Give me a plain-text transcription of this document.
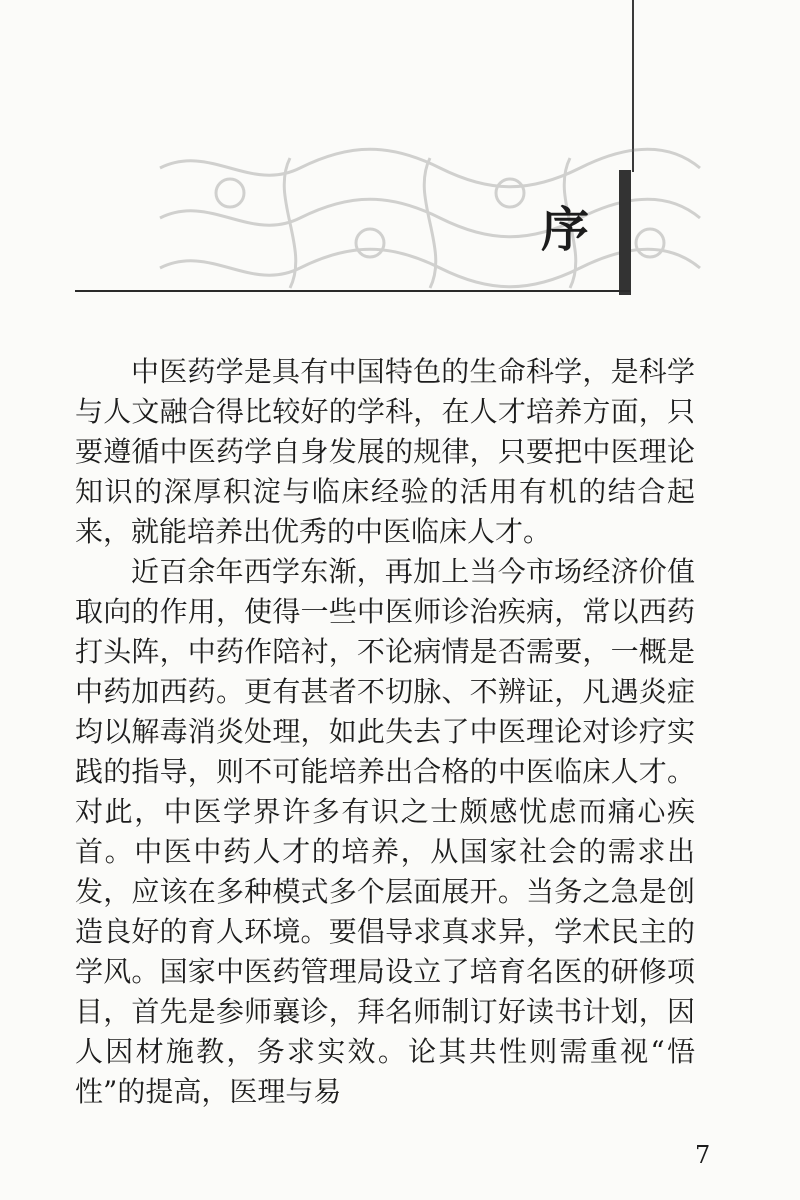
序

中医药学是具有中国特色的生命科学，是科学与人文融合得比较好的学科，在人才培养方面，只要遵循中医药学自身发展的规律，只要把中医理论知识的深厚积淀与临床经验的活用有机的结合起来，就能培养出优秀的中医临床人才。

近百余年西学东渐，再加上当今市场经济价值取向的作用，使得一些中医师诊治疾病，常以西药打头阵，中药作陪衬，不论病情是否需要，一概是中药加西药。更有甚者不切脉、不辨证，凡遇炎症均以解毒消炎处理，如此失去了中医理论对诊疗实践的指导，则不可能培养出合格的中医临床人才。对此，中医学界许多有识之士颇感忧虑而痛心疾首。中医中药人才的培养，从国家社会的需求出发，应该在多种模式多个层面展开。当务之急是创造良好的育人环境。要倡导求真求异，学术民主的学风。国家中医药管理局设立了培育名医的研修项目，首先是参师襄诊，拜名师制订好读书计划，因人因材施教，务求实效。论其共性则需重视“悟性”的提高，医理与易

7
